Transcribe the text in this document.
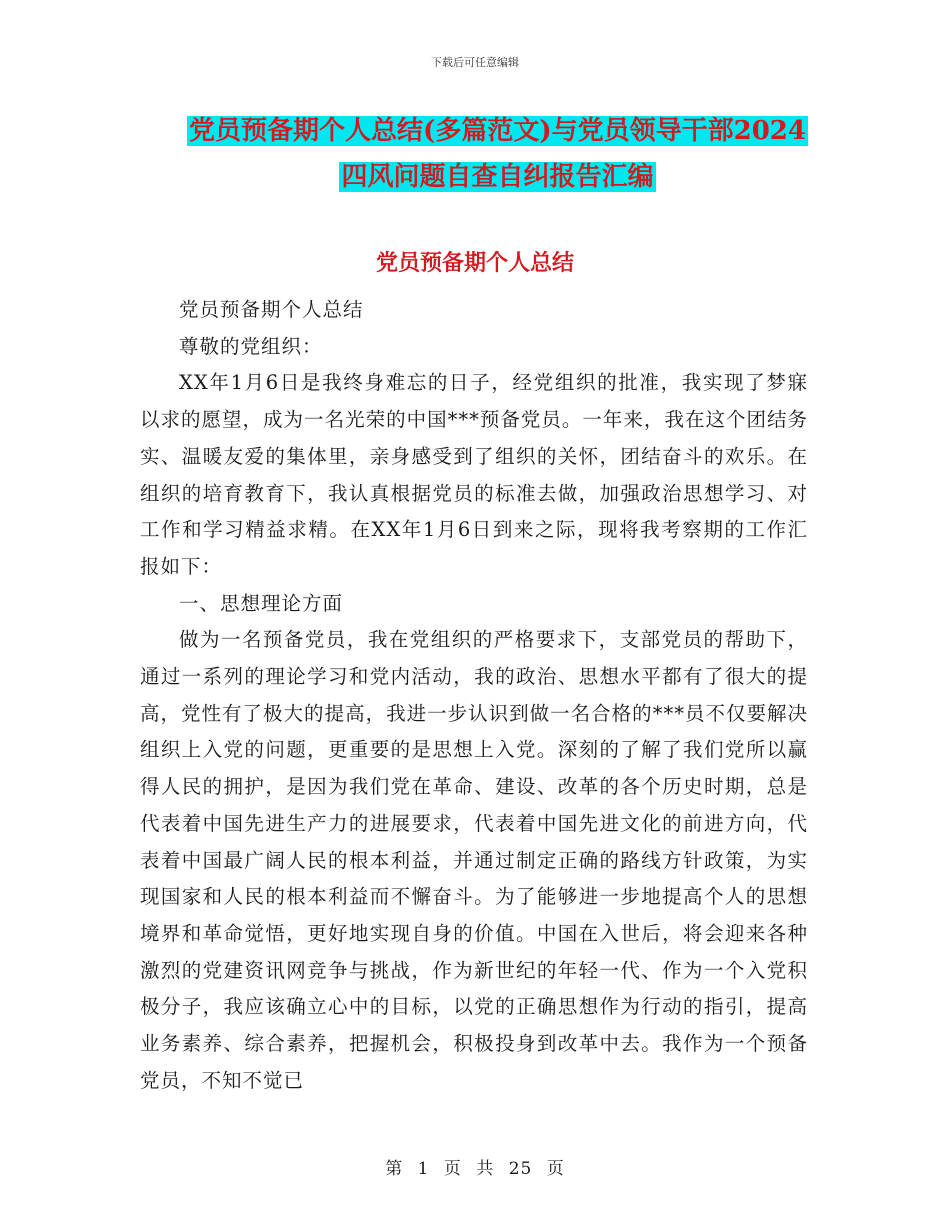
下载后可任意编辑
党员预备期个人总结(多篇范文)与党员领导干部2024
四风问题自查自纠报告汇编
党员预备期个人总结

党员预备期个人总结

尊敬的党组织：

XX年1月6日是我终身难忘的日子，经党组织的批准，我实现了梦寐以求的愿望，成为一名光荣的中国***预备党员。一年来，我在这个团结务实、温暖友爱的集体里，亲身感受到了组织的关怀，团结奋斗的欢乐。在组织的培育教育下，我认真根据党员的标准去做，加强政治思想学习、对工作和学习精益求精。在XX年1月6日到来之际，现将我考察期的工作汇报如下：

一、思想理论方面

做为一名预备党员，我在党组织的严格要求下，支部党员的帮助下，通过一系列的理论学习和党内活动，我的政治、思想水平都有了很大的提高，党性有了极大的提高，我进一步认识到做一名合格的***员不仅要解决组织上入党的问题，更重要的是思想上入党。深刻的了解了我们党所以赢得人民的拥护，是因为我们党在革命、建设、改革的各个历史时期，总是代表着中国先进生产力的进展要求，代表着中国先进文化的前进方向，代表着中国最广阔人民的根本利益，并通过制定正确的路线方针政策，为实现国家和人民的根本利益而不懈奋斗。为了能够进一步地提高个人的思想境界和革命觉悟，更好地实现自身的价值。中国在入世后，将会迎来各种激烈的党建资讯网竞争与挑战，作为新世纪的年轻一代、作为一个入党积极分子，我应该确立心中的目标，以党的正确思想作为行动的指引，提高业务素养、综合素养，把握机会，积极投身到改革中去。我作为一个预备党员，不知不觉已

第 1 页 共 25 页
